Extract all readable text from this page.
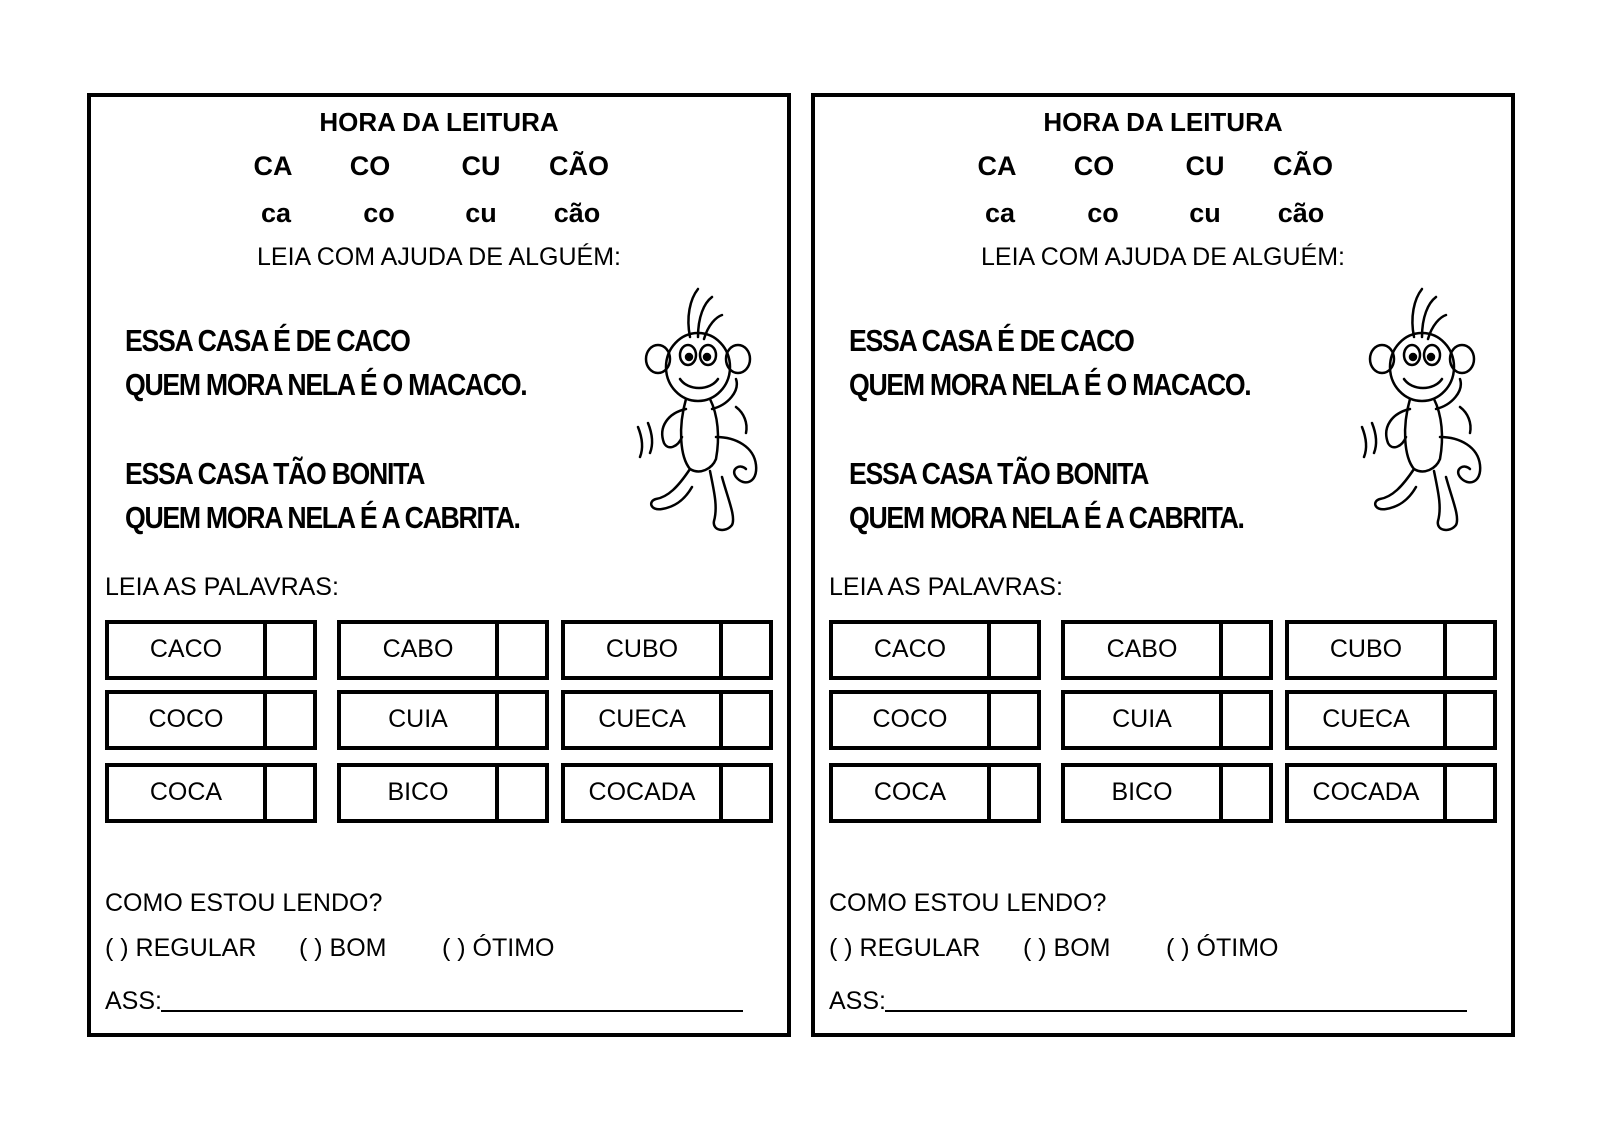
HORA DA LEITURA
CA	CO	CU	CÃO
ca	co	cu	cão
LEIA COM AJUDA DE ALGUÉM:
ESSA CASA É DE CACO
QUEM MORA NELA É O MACACO.
ESSA CASA TÃO BONITA
QUEM MORA NELA É A CABRITA.
LEIA AS PALAVRAS:
CACO	CABO	CUBO
COCO	CUIA	CUECA
COCA	BICO	COCADA
COMO ESTOU LENDO?
( ) REGULAR ( ) BOM ( ) ÓTIMO
ASS:
HORA DA LEITURA
CA	CO	CU	CÃO
ca	co	cu	cão
LEIA COM AJUDA DE ALGUÉM:
ESSA CASA É DE CACO
QUEM MORA NELA É O MACACO.
ESSA CASA TÃO BONITA
QUEM MORA NELA É A CABRITA.
LEIA AS PALAVRAS:
CACO	CABO	CUBO
COCO	CUIA	CUECA
COCA	BICO	COCADA
COMO ESTOU LENDO?
( ) REGULAR ( ) BOM ( ) ÓTIMO
ASS:
